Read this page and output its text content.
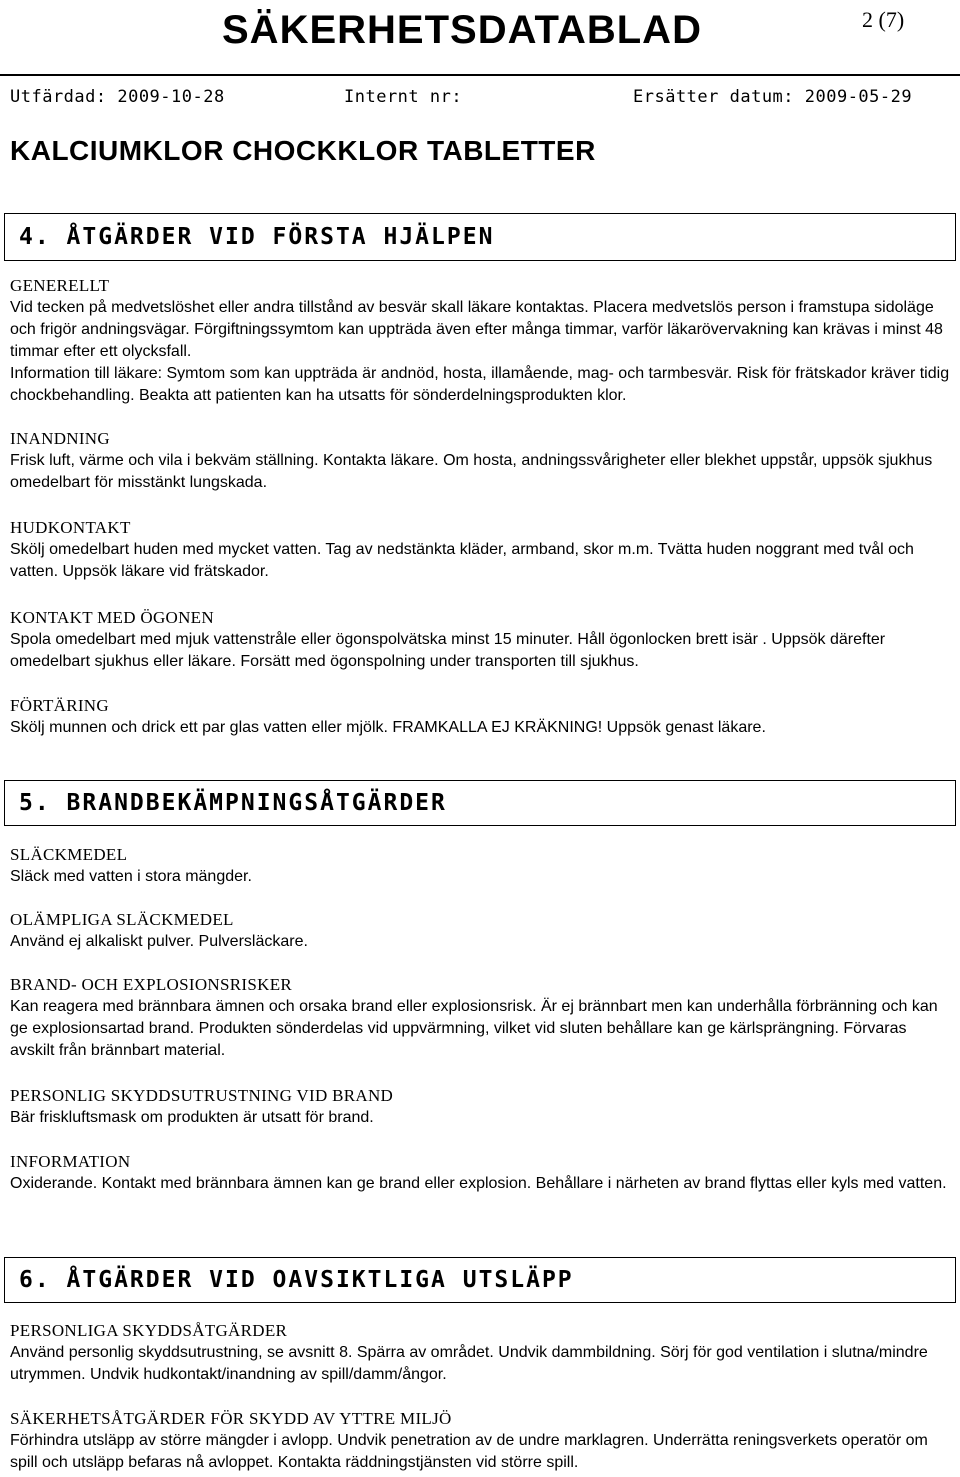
SÄKERHETSDATABLAD	2 (7)
Utfärdad: 2009-10-28	Internt nr:	Ersätter datum: 2009-05-29
KALCIUMKLOR CHOCKKLOR TABLETTER
4. ÅTGÄRDER VID FÖRSTA HJÄLPEN
GENERELLT
Vid tecken på medvetslöshet eller andra tillstånd av besvär skall läkare kontaktas. Placera medvetslös person i framstupa sidoläge och frigör andningsvägar. Förgiftningssymtom kan uppträda även efter många timmar, varför läkarövervakning kan krävas i minst 48 timmar efter ett olycksfall.
Information till läkare: Symtom som kan uppträda är andnöd, hosta, illamående, mag- och tarmbesvär. Risk för frätskador kräver tidig chockbehandling. Beakta att patienten kan ha utsatts för sönderdelningsprodukten klor.
INANDNING
Frisk luft, värme och vila i bekväm ställning. Kontakta läkare. Om hosta, andningssvårigheter eller blekhet uppstår, uppsök sjukhus omedelbart för misstänkt lungskada.
HUDKONTAKT
Skölj omedelbart huden med mycket vatten. Tag av nedstänkta kläder, armband, skor m.m. Tvätta huden noggrant med tvål och vatten. Uppsök läkare vid frätskador.
KONTAKT MED ÖGONEN
Spola omedelbart med mjuk vattenstråle eller ögonspolvätska minst 15 minuter. Håll ögonlocken brett isär . Uppsök därefter omedelbart sjukhus eller läkare. Forsätt med ögonspolning under transporten till sjukhus.
FÖRTÄRING
Skölj munnen och drick ett par glas vatten eller mjölk. FRAMKALLA EJ KRÄKNING! Uppsök genast läkare.
5. BRANDBEKÄMPNINGSÅTGÄRDER
SLÄCKMEDEL
Släck med vatten i stora mängder.
OLÄMPLIGA SLÄCKMEDEL
Använd ej alkaliskt pulver. Pulversläckare.
BRAND- OCH EXPLOSIONSRISKER
Kan reagera med brännbara ämnen och orsaka brand eller explosionsrisk. Är ej brännbart men kan underhålla förbränning och kan ge explosionsartad brand. Produkten sönderdelas vid uppvärmning, vilket vid sluten behållare kan ge kärlsprängning. Förvaras avskilt från brännbart material.
PERSONLIG SKYDDSUTRUSTNING VID BRAND
Bär friskluftsmask om produkten är utsatt för brand.
INFORMATION
Oxiderande. Kontakt med brännbara ämnen kan ge brand eller explosion. Behållare i närheten av brand flyttas eller kyls med vatten.
6. ÅTGÄRDER VID OAVSIKTLIGA UTSLÄPP
PERSONLIGA SKYDDSÅTGÄRDER
Använd personlig skyddsutrustning, se avsnitt 8. Spärra av området. Undvik dammbildning. Sörj för god ventilation i slutna/mindre utrymmen. Undvik hudkontakt/inandning av spill/damm/ångor.
SÄKERHETSÅTGÄRDER FÖR SKYDD AV YTTRE MILJÖ
Förhindra utsläpp av större mängder i avlopp. Undvik penetration av de undre marklagren. Underrätta reningsverkets operatör om spill och utsläpp befaras nå avloppet. Kontakta räddningstjänsten vid större spill.
